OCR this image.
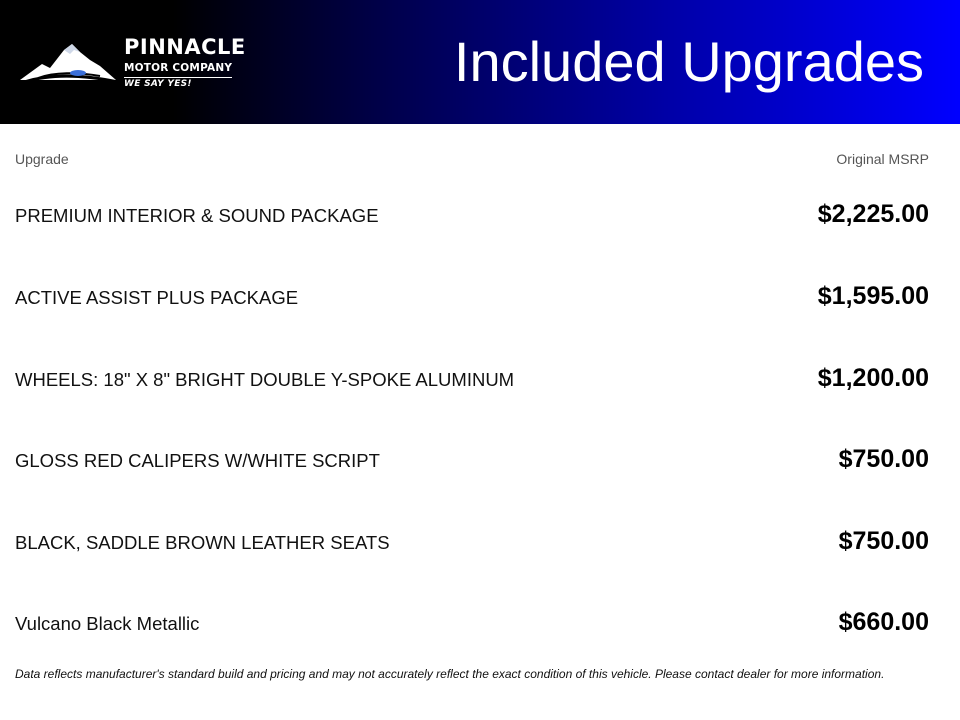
PINNACLE
MOTOR COMPANY
WE SAY YES!	Included Upgrades
Upgrade	Original MSRP
PREMIUM INTERIOR & SOUND PACKAGE	$2,225.00
ACTIVE ASSIST PLUS PACKAGE	$1,595.00
WHEELS: 18" X 8" BRIGHT DOUBLE Y-SPOKE ALUMINUM	$1,200.00
GLOSS RED CALIPERS W/WHITE SCRIPT	$750.00
BLACK, SADDLE BROWN LEATHER SEATS	$750.00
Vulcano Black Metallic	$660.00
Data reflects manufacturer's standard build and pricing and may not accurately reflect the exact condition of this vehicle. Please contact dealer for more information.
